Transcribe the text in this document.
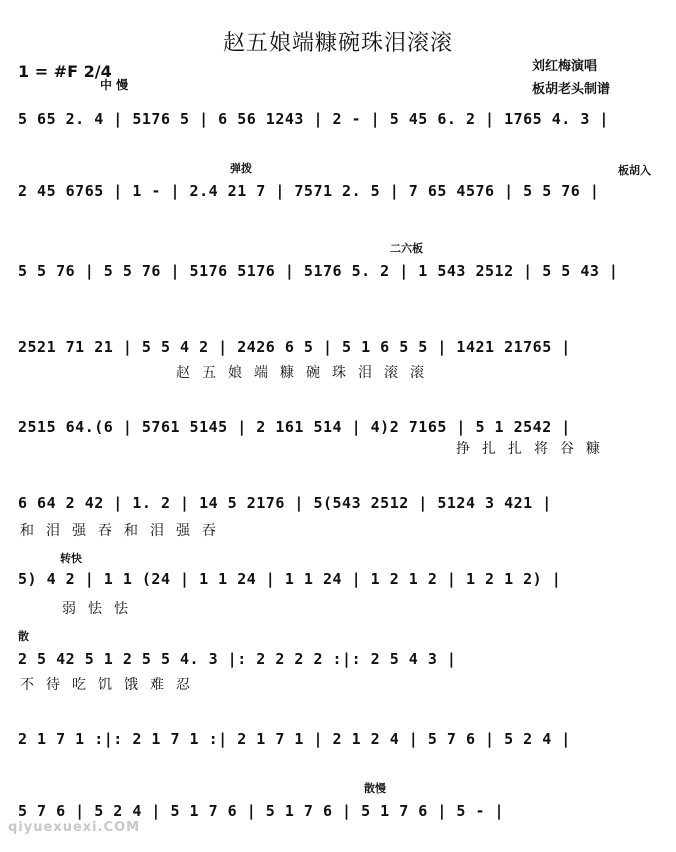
赵五娘端糠碗珠泪滚滚
1 = #F 2/4
中 慢
刘红梅演唱
板胡老头制谱
5 65 2. 4 | 5176 5 | 6 56 1243 | 2 - | 5 45 6. 2 | 1765 4. 3 |
弹拨	板胡入
2 45 6765 | 1 - | 2.4 21 7 | 7571 2. 5 | 7 65 4576 | 5 5 76 |
二六板
5 5 76 | 5 5 76 | 5176 5176 | 5176 5. 2 | 1 543 2512 | 5 5 43 |
2521 71 21 | 5 5 4 2 | 2426 6 5 | 5 1 6 5 5 | 1421 21765 |
赵五娘端糠碗珠泪滚滚
2515 64.(6 | 5761 5145 | 2 161 514 | 4)2 7165 | 5 1 2542 |
挣扎扎将谷糠
6 64 2 42 | 1. 2 | 14 5 2176 | 5(543 2512 | 5124 3 421 |
和泪强吞和泪强吞
转快
5) 4 2 | 1 1 (24 | 1 1 24 | 1 1 24 | 1 2 1 2 | 1 2 1 2) |
弱怯怯
散
2 5 42 5 1 2 5 5 4. 3 |: 2 2 2 2 :|: 2 5 4 3 |
不待吃饥饿难忍
2 1 7 1 :|: 2 1 7 1 :| 2 1 7 1 | 2 1 2 4 | 5 7 6 | 5 2 4 |
散慢
5 7 6 | 5 2 4 | 5 1 7 6 | 5 1 7 6 | 5 1 7 6 | 5 - |
qiyuexuexi.COM
